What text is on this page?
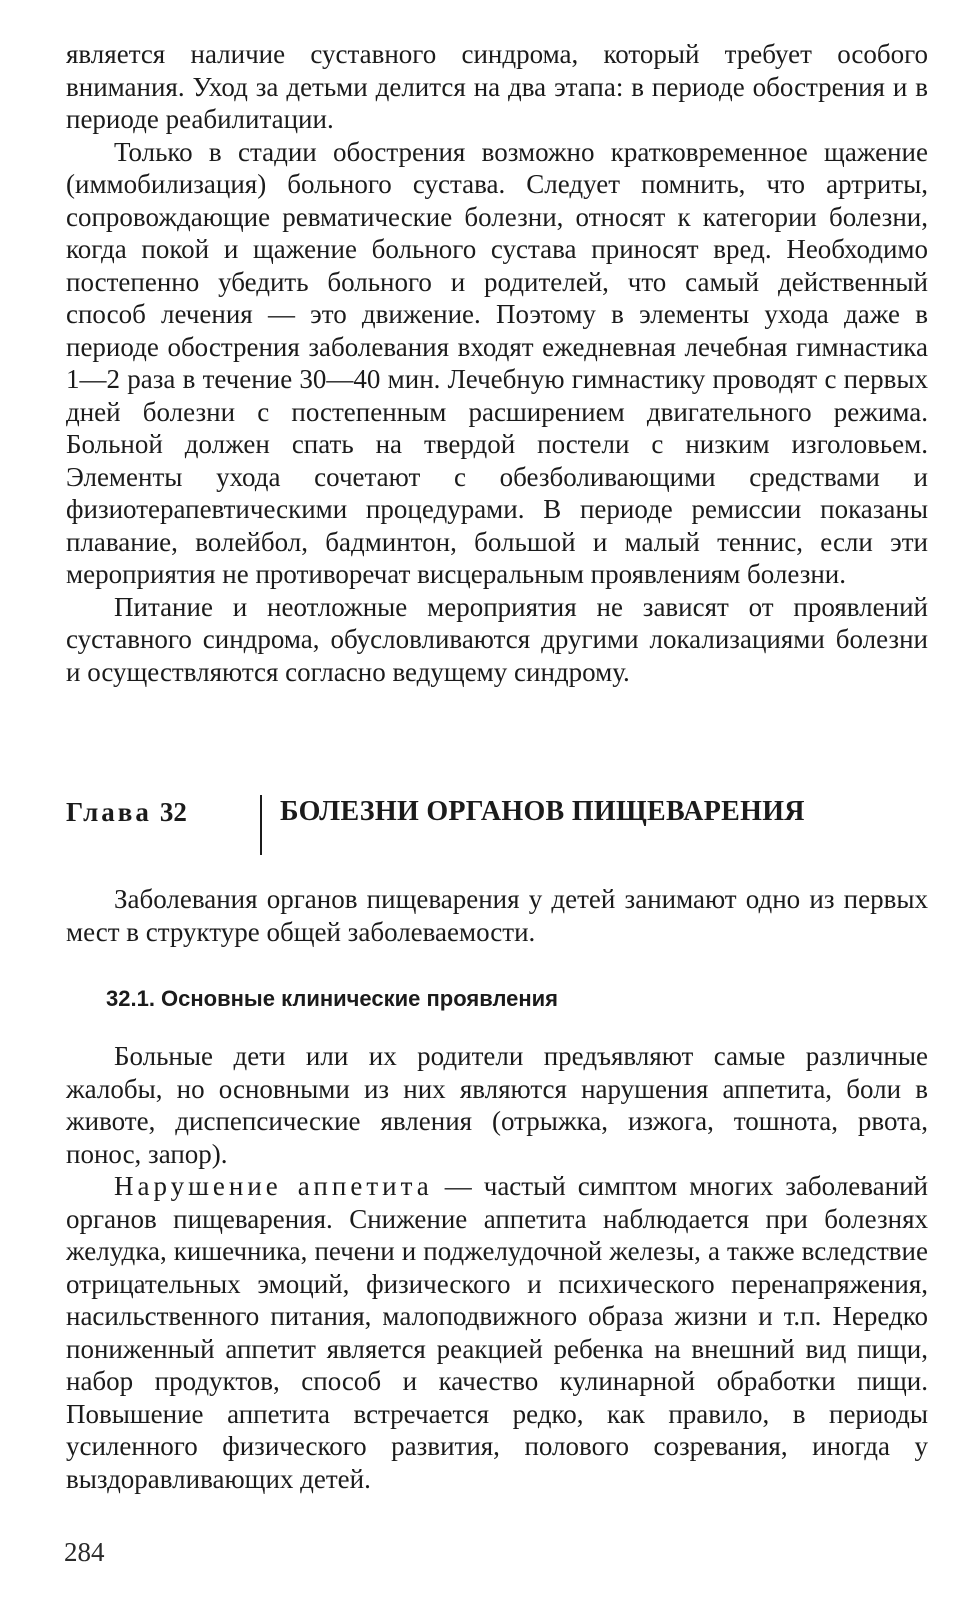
является наличие суставного синдрома, который требует особого внимания. Уход за детьми делится на два этапа: в периоде обострения и в периоде реабилитации.

Только в стадии обострения возможно кратковременное щажение (иммобилизация) больного сустава. Следует помнить, что артриты, сопровождающие ревматические болезни, относят к категории болезни, когда покой и щажение больного сустава приносят вред. Необходимо постепенно убедить больного и родителей, что самый действенный способ лечения — это движение. Поэтому в элементы ухода даже в периоде обострения заболевания входят ежедневная лечебная гимнастика 1—2 раза в течение 30—40 мин. Лечебную гимнастику проводят с первых дней болезни с постепенным расширением двигательного режима. Больной должен спать на твердой постели с низким изголовьем. Элементы ухода сочетают с обезболивающими средствами и физиотерапевтическими процедурами. В периоде ремиссии показаны плавание, волейбол, бадминтон, большой и малый теннис, если эти мероприятия не противоречат висцеральным проявлениям болезни.

Питание и неотложные мероприятия не зависят от проявлений суставного синдрома, обусловливаются другими локализациями болезни и осуществляются согласно ведущему синдрому.

Глава 32	БОЛЕЗНИ ОРГАНОВ ПИЩЕВАРЕНИЯ

Заболевания органов пищеварения у детей занимают одно из первых мест в структуре общей заболеваемости.

32.1. Основные клинические проявления

Больные дети или их родители предъявляют самые различные жалобы, но основными из них являются нарушения аппетита, боли в животе, диспепсические явления (отрыжка, изжога, тошнота, рвота, понос, запор).

Нарушение аппетита — частый симптом многих заболеваний органов пищеварения. Снижение аппетита наблюдается при болезнях желудка, кишечника, печени и поджелудочной железы, а также вследствие отрицательных эмоций, физического и психического перенапряжения, насильственного питания, малоподвижного образа жизни и т.п. Нередко пониженный аппетит является реакцией ребенка на внешний вид пищи, набор продуктов, способ и качество кулинарной обработки пищи. Повышение аппетита встречается редко, как правило, в периоды усиленного физического развития, полового созревания, иногда у выздоравливающих детей.

284
